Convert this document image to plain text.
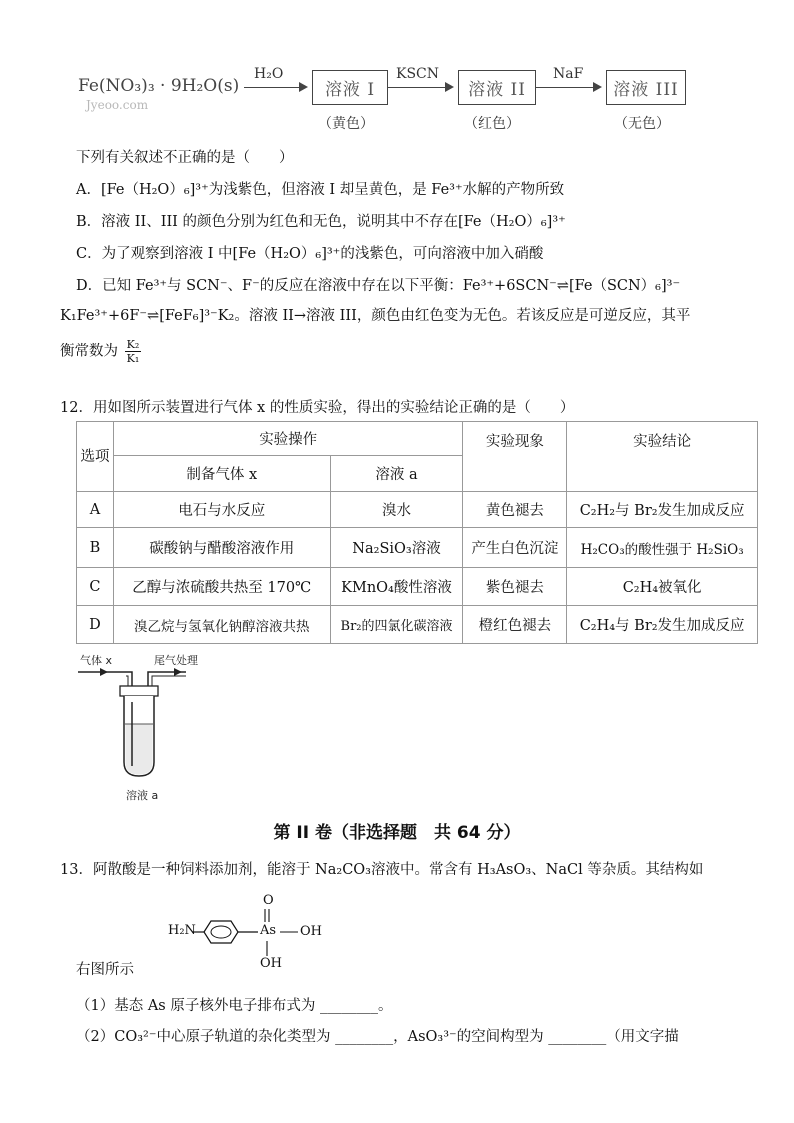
Fe(NO₃)₃ · 9H₂O(s)
Jyeoo.com
H₂O
溶液 I
（黄色）
KSCN
溶液 II
（红色）
NaF
溶液 III
（无色）
下列有关叙述不正确的是（　　）
A．[Fe（H₂O）₆]³⁺为浅紫色，但溶液 I 却呈黄色，是 Fe³⁺水解的产物所致
B．溶液 II、III 的颜色分别为红色和无色，说明其中不存在[Fe（H₂O）₆]³⁺
C．为了观察到溶液 I 中[Fe（H₂O）₆]³⁺的浅紫色，可向溶液中加入硝酸
D．已知 Fe³⁺与 SCN⁻、F⁻的反应在溶液中存在以下平衡：Fe³⁺+6SCN⁻⇌[Fe（SCN）₆]³⁻
K₁Fe³⁺+6F⁻⇌[FeF₆]³⁻K₂。溶液 II→溶液 III，颜色由红色变为无色。若该反应是可逆反应，其平
衡常数为 $\frac{\text{K₂}}{\text{K₁}}$
12．用如图所示装置进行气体 x 的性质实验，得出的实验结论正确的是（　　）
选项	实验操作		实验现象	实验结论
	制备气体 x	溶液 a		
A	电石与水反应	溴水	黄色褪去	C₂H₂与 Br₂发生加成反应
B	碳酸钠与醋酸溶液作用	Na₂SiO₃溶液	产生白色沉淀	H₂CO₃的酸性强于 H₂SiO₃
C	乙醇与浓硫酸共热至 170℃	KMnO₄酸性溶液	紫色褪去	C₂H₄被氧化
D	溴乙烷与氢氧化钠醇溶液共热	Br₂的四氯化碳溶液	橙红色褪去	C₂H₄与 Br₂发生加成反应
气体 x	尾气处理
溶液 a
第 II 卷（非选择题　共 64 分）
13．阿散酸是一种饲料添加剂，能溶于 Na₂CO₃溶液中。常含有 H₃AsO₃、NaCl 等杂质。其结构如
H₂N	As
O
OH
OH
右图所示
（1）基态 As 原子核外电子排布式为 ________。
（2）CO₃²⁻中心原子轨道的杂化类型为 ________，AsO₃³⁻的空间构型为 ________（用文字描
